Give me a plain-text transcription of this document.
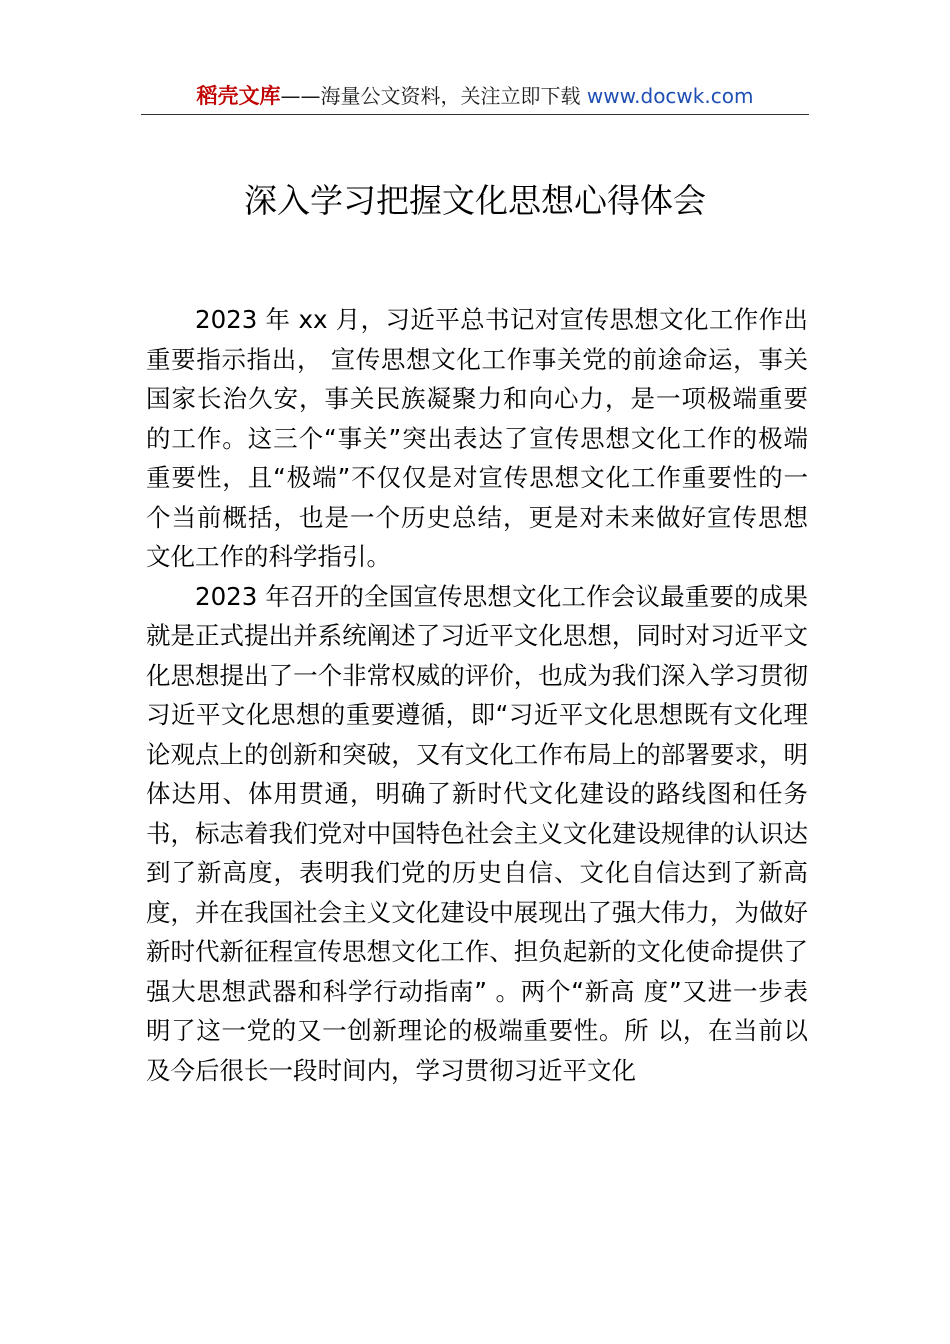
稻壳文库——海量公文资料，关注立即下载 www.docwk.com
深入学习把握文化思想心得体会

2023 年 xx 月，习近平总书记对宣传思想文化工作作出重要指示指出， 宣传思想文化工作事关党的前途命运，事关 国家长治久安，事关民族凝聚力和向心力，是一项极端重要 的工作。这三个“事关”突出表达了宣传思想文化工作的极端 重要性，且“极端”不仅仅是对宣传思想文化工作重要性的一 个当前概括，也是一个历史总结，更是对未来做好宣传思想 文化工作的科学指引。

2023 年召开的全国宣传思想文化工作会议最重要的成果就是正式提出并系统阐述了习近平文化思想，同时对习近平文化思想提出了一个非常权威的评价，也成为我们深入学习贯彻习近平文化思想的重要遵循，即“习近平文化思想既有文化理论观点上的创新和突破，又有文化工作布局上的部署要求，明体达用、体用贯通，明确了新时代文化建设的路线图和任务书，标志着我们党对中国特色社会主义文化建设规律的认识达到了新高度，表明我们党的历史自信、文化自信达到了新高度，并在我国社会主义文化建设中展现出了强大伟力，为做好新时代新征程宣传思想文化工作、担负起新的文化使命提供了强大思想武器和科学行动指南” 。两个“新高 度”又进一步表明了这一党的又一创新理论的极端重要性。所 以，在当前以及今后很长一段时间内，学习贯彻习近平文化
